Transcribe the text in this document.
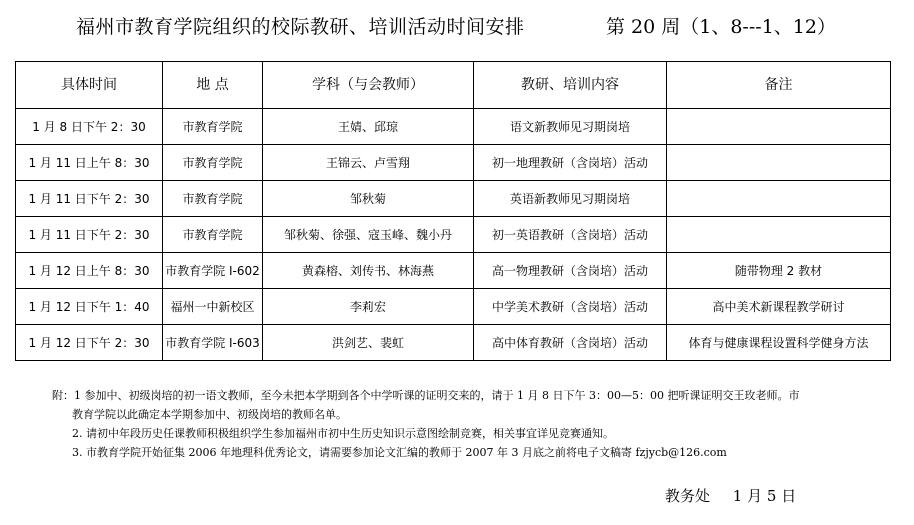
福州市教育学院组织的校际教研、培训活动时间安排	第 20 周（1、8---1、12）
具体时间	地 点	学科（与会教师）	教研、培训内容	备注
1 月 8 日下午 2：30	市教育学院	王婧、邱琼	语文新教师见习期岗培	
1 月 11 日上午 8：30	市教育学院	王锦云、卢雪翔	初一地理教研（含岗培）活动	
1 月 11 日下午 2：30	市教育学院	邹秋菊	英语新教师见习期岗培	
1 月 11 日下午 2：30	市教育学院	邹秋菊、徐强、寇玉峰、魏小丹	初一英语教研（含岗培）活动	
1 月 12 日上午 8：30	市教育学院 I-602	黄森榕、刘传书、林海燕	高一物理教研（含岗培）活动	随带物理 2 教材
1 月 12 日下午 1：40	福州一中新校区	李莉宏	中学美术教研（含岗培）活动	高中美术新课程教学研讨
1 月 12 日下午 2：30	市教育学院 I-603	洪剑艺、裴虹	高中体育教研（含岗培）活动	体育与健康课程设置科学健身方法
附：1 参加中、初级岗培的初一语文教师，至今未把本学期到各个中学听课的证明交来的，请于 1 月 8 日下午 3：00—5：00 把听课证明交王玫老师。市
教育学院以此确定本学期参加中、初级岗培的教师名单。
2. 请初中年段历史任课教师积极组织学生参加福州市初中生历史知识示意图绘制竞赛，相关事宜详见竞赛通知。
3. 市教育学院开始征集 2006 年地理科优秀论文，请需要参加论文汇编的教师于 2007 年 3 月底之前将电子文稿寄 fzjycb@126.com
教务处 1 月 5 日
